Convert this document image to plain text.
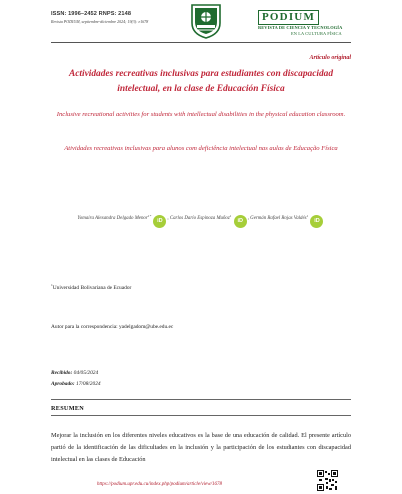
ISSN: 1996–2452 RNPS: 2148
Revista PODIUM, septiembre-diciembre 2024; 19(3): e1678	PODIUM
REVISTA DE CIENCIA Y TECNOLOGÍA
EN LA CULTURA FÍSICA
Artículo original
Actividades recreativas inclusivas para estudiantes con discapacidad intelectual, en la clase de Educación Física
Inclusive recreational activities for students with intellectual disabilities in the physical education classroom.
Atividades recreativas inclusivas para alunos com deficiência intelectual nas aulas de Educação Física
Yomaira Alexandra Delgado Menor$^{1*}$ iD , Carlos Darío Espinoza Muñoz$^1$ iD , Germán Rafael Rojas Valdés$^1$ iD
$^1$Universidad Bolivariana de Ecuador
Autor para la correspondencia: yadelgadom@ube.edu.ec
Recibido: 04/05/2024
Aprobado: 17/08/2024
RESUMEN
Mejorar la inclusión en los diferentes niveles educativos es la base de una educación de calidad. El presente artículo partió de la identificación de las dificultades en la inclusión y la participación de los estudiantes con discapacidad intelectual en las clases de Educación
https://podium.upr.edu.cu/index.php/podium/article/view/1678
